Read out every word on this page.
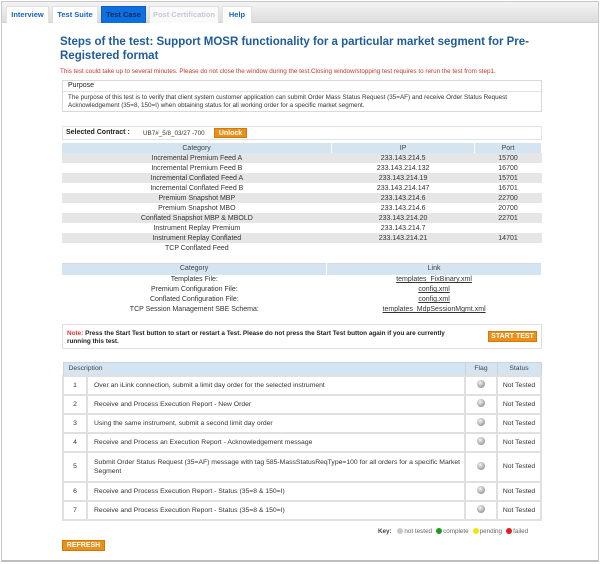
Interview	Test Suite	Test Case	Post Certification	Help
Steps of the test: Support MOSR functionality for a particular market segment for Pre-Registered format
This test could take up to several minutes. Please do not close the window during the test.Closing window/stopping test requires to rerun the test from step1.
Purpose
The purpose of this test is to verify that client system customer application can submit Order Mass Status Request (35=AF) and receive Order Status Request Acknowledgement (35=8, 150=I) when obtaining status for all working order for a specific market segment.
Selected Contract : UB7#_5/8_03/27 -700	Unlock
Category	IP	Port
Incremental Premium Feed A	233.143.214.5	15700
Incremental Premium Feed B	233.143.214.132	16700
Incremental Conflated Feed A	233.143.214.19	15701
Incremental Conflated Feed B	233.143.214.147	16701
Premium Snapshot MBP	233.143.214.6	22700
Premium Snapshot MBO	233.143.214.6	20700
Conflated Snapshot MBP & MBOLD	233.143.214.20	22701
Instrument Replay Premium	233.143.214.7	
Instrument Replay Conflated	233.143.214.21	14701
TCP Conflated Feed		
Category	Link
Templates File:	templates_FixBinary.xml
Premium Configuration File:	config.xml
Conflated Configuration File:	config.xml
TCP Session Management SBE Schema:	templates_MdpSessionMgmt.xml
Note: Press the Start Test button to start or restart a Test. Please do not press the Start Test button again if you are currently running this test.
START TEST
Description		Flag	Status
1	Over an iLink connection, submit a limit day order for the selected instrument		Not Tested
2	Receive and Process Execution Report - New Order		Not Tested
3	Using the same instrument, submit a second limit day order		Not Tested
4	Receive and Process an Execution Report - Acknowledgement message		Not Tested
5	Submit Order Status Request (35=AF) message with tag 585-MassStatusReqType=100 for all orders for a specific Market Segment		Not Tested
6	Receive and Process Execution Report - Status (35=8 & 150=I)		Not Tested
7	Receive and Process Execution Report - Status (35=8 & 150=I)		Not Tested
Key: not tested complete pending failed
REFRESH
